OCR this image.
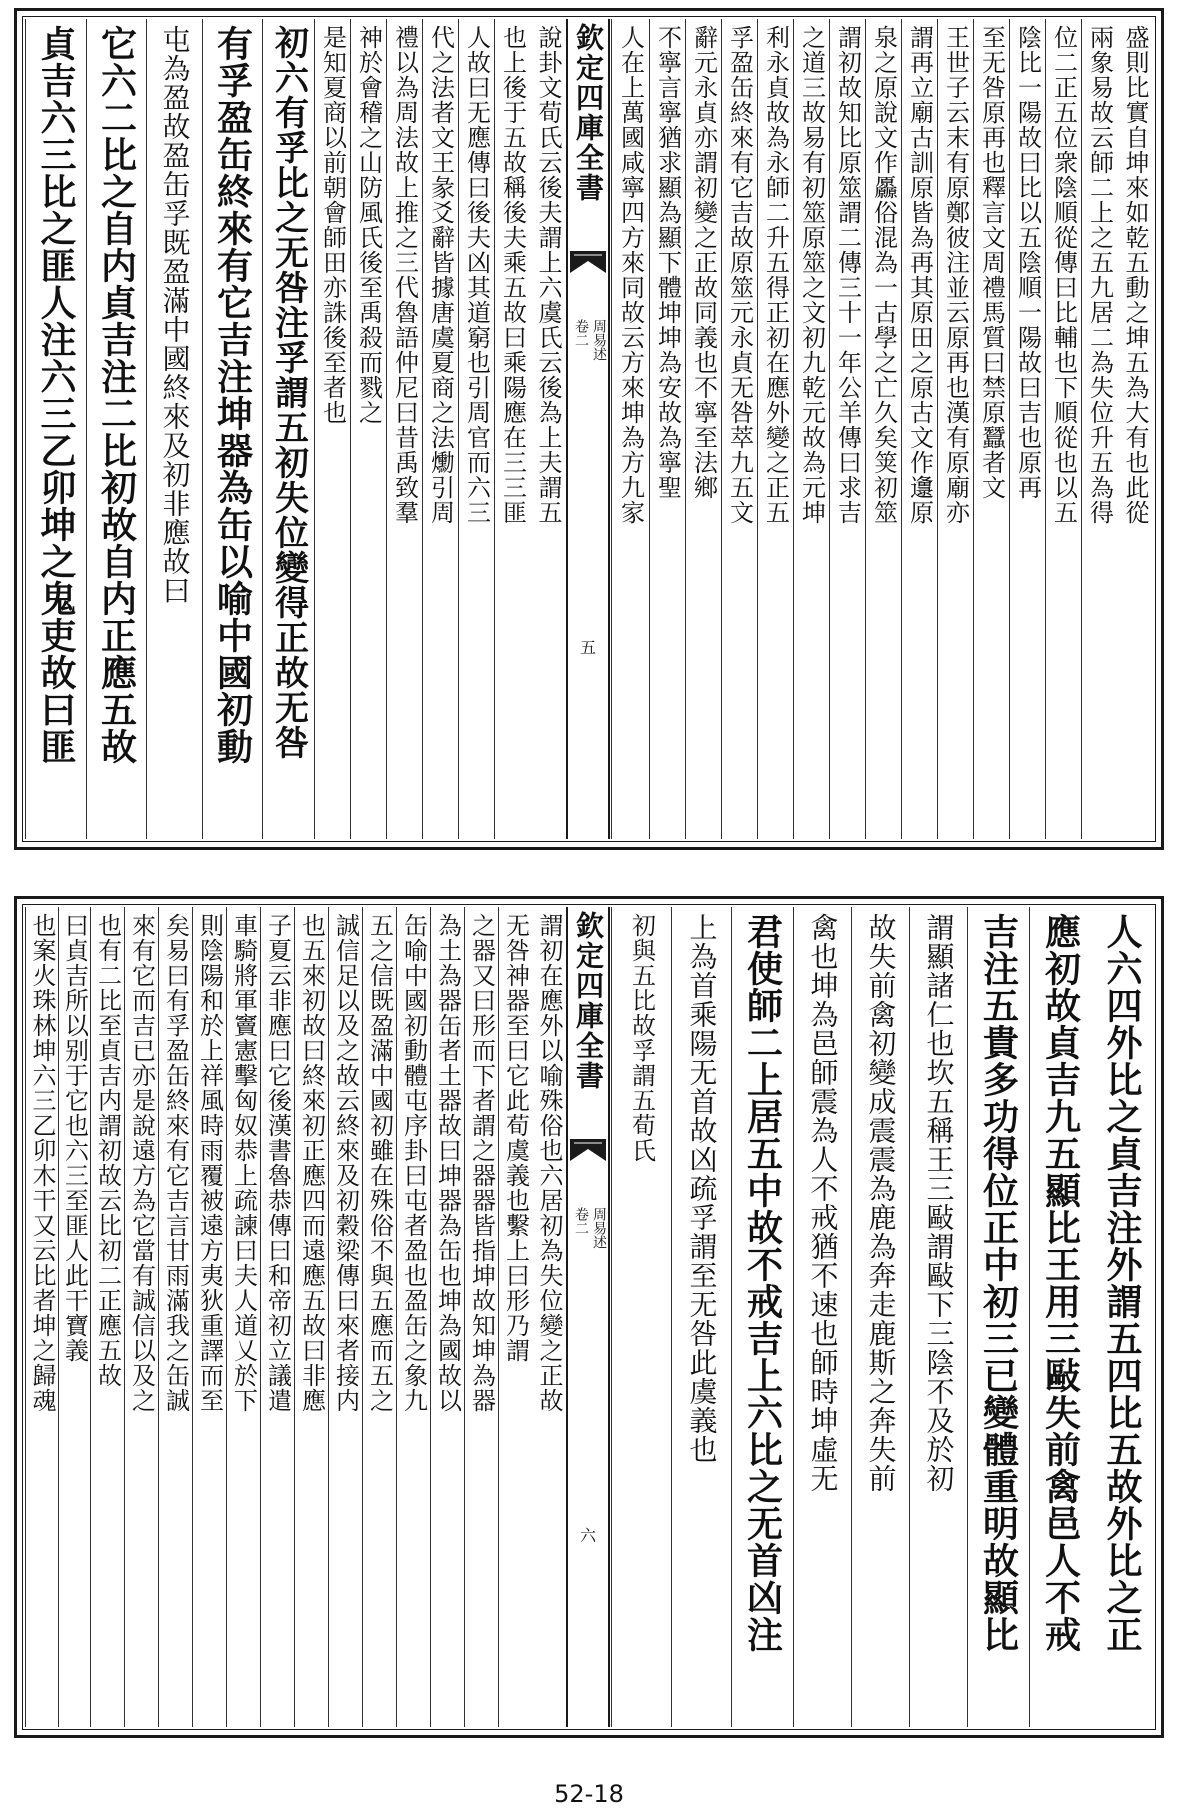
盛則比實自坤來如乾五動之坤五為大有也此從
兩象易故云師二上之五九居二為失位升五為得
位二正五位衆陰順從傳曰比輔也下順從也以五
陰比一陽故曰比以五陰順一陽故曰吉也原再
至无咎原再也釋言文周禮馬質曰禁原蠶者文
王世子云末有原鄭彼注並云原再也漢有原廟亦
謂再立廟古訓原皆為再其原田之原古文作邍原
泉之原說文作厵俗混為一古學之亡久矣䇲初筮
謂初故知比原筮謂二傳三十一年公羊傳曰求吉
之道三故易有初筮原筮之文初九乾元故為元坤
利永貞故為永師二升五得正初在應外變之正五
孚盈缶終來有它吉故原筮元永貞无咎萃九五文
辭元永貞亦謂初變之正故同義也不寧至法鄉
不寧言寧猶求顯為顯下體坤坤為安故為寧聖
人在上萬國咸寧四方來同故云方來坤為方九家
欽定四庫全書
卷二 周易述
五
說卦文荀氏云後夫謂上六虞氏云後為上夫謂五
也上後于五故稱後夫乘五故曰乘陽應在三三匪
人故曰无應傳曰後夫凶其道窮也引周官而六三
代之法者文王彖爻辭皆據唐虞夏商之法爋引周
禮以為周法故上推之三代魯語仲尼曰昔禹致羣
神於會稽之山防風氏後至禹殺而戮之
是知夏商以前朝會師田亦誅後至者也
初六有孚比之无咎注孚謂五初失位變得正故无咎
有孚盈缶終來有它吉注坤器為缶以喻中國初動
屯為盈故盈缶孚既盈滿中國終來及初非應故曰
它六二比之自内貞吉注二比初故自内正應五故
貞吉六三比之匪人注六三乙卯坤之鬼吏故曰匪
人六四外比之貞吉注外謂五四比五故外比之正
應初故貞吉九五顯比王用三敺失前禽邑人不戒
吉注五貴多功得位正中初三已變體重明故顯比
謂顯諸仁也坎五稱王三敺謂敺下三陰不及於初
故失前禽初變成震震為鹿為奔走鹿斯之奔失前
禽也坤為邑師震為人不戒猶不速也師時坤虛无
君使師二上居五中故不戒吉上六比之无首凶注
上為首乘陽无首故凶疏孚謂至无咎此虞義也
初與五比故孚謂五荀氏
欽定四庫全書
卷二 周易述
六
謂初在應外以喻殊俗也六居初為失位變之正故
无咎神器至曰它此荀虞義也繫上曰形乃謂
之器又曰形而下者謂之器器皆指坤故知坤為器
為土為器缶者土器故曰坤器為缶也坤為國故以
缶喻中國初動體屯序卦曰屯者盈也盈缶之象九
五之信既盈滿中國初雖在殊俗不與五應而五之
誠信足以及之故云終來及初穀梁傳曰來者接内
也五來初故曰終來初正應四而遠應五故曰非應
子夏云非應曰它後漢書魯恭傳曰和帝初立議遣
車騎將軍竇憲擊匈奴恭上疏諫曰夫人道乂於下
則陰陽和於上祥風時雨覆被遠方夷狄重譯而至
矣易曰有孚盈缶終來有它吉言甘雨滿我之缶誠
來有它而吉已亦是說遠方為它當有誠信以及之
也有二比至貞吉内謂初故云比初二正應五故
曰貞吉所以别于它也六三至匪人此干寶義
也案火珠林坤六三乙卯木干又云比者坤之歸魂
52-18
